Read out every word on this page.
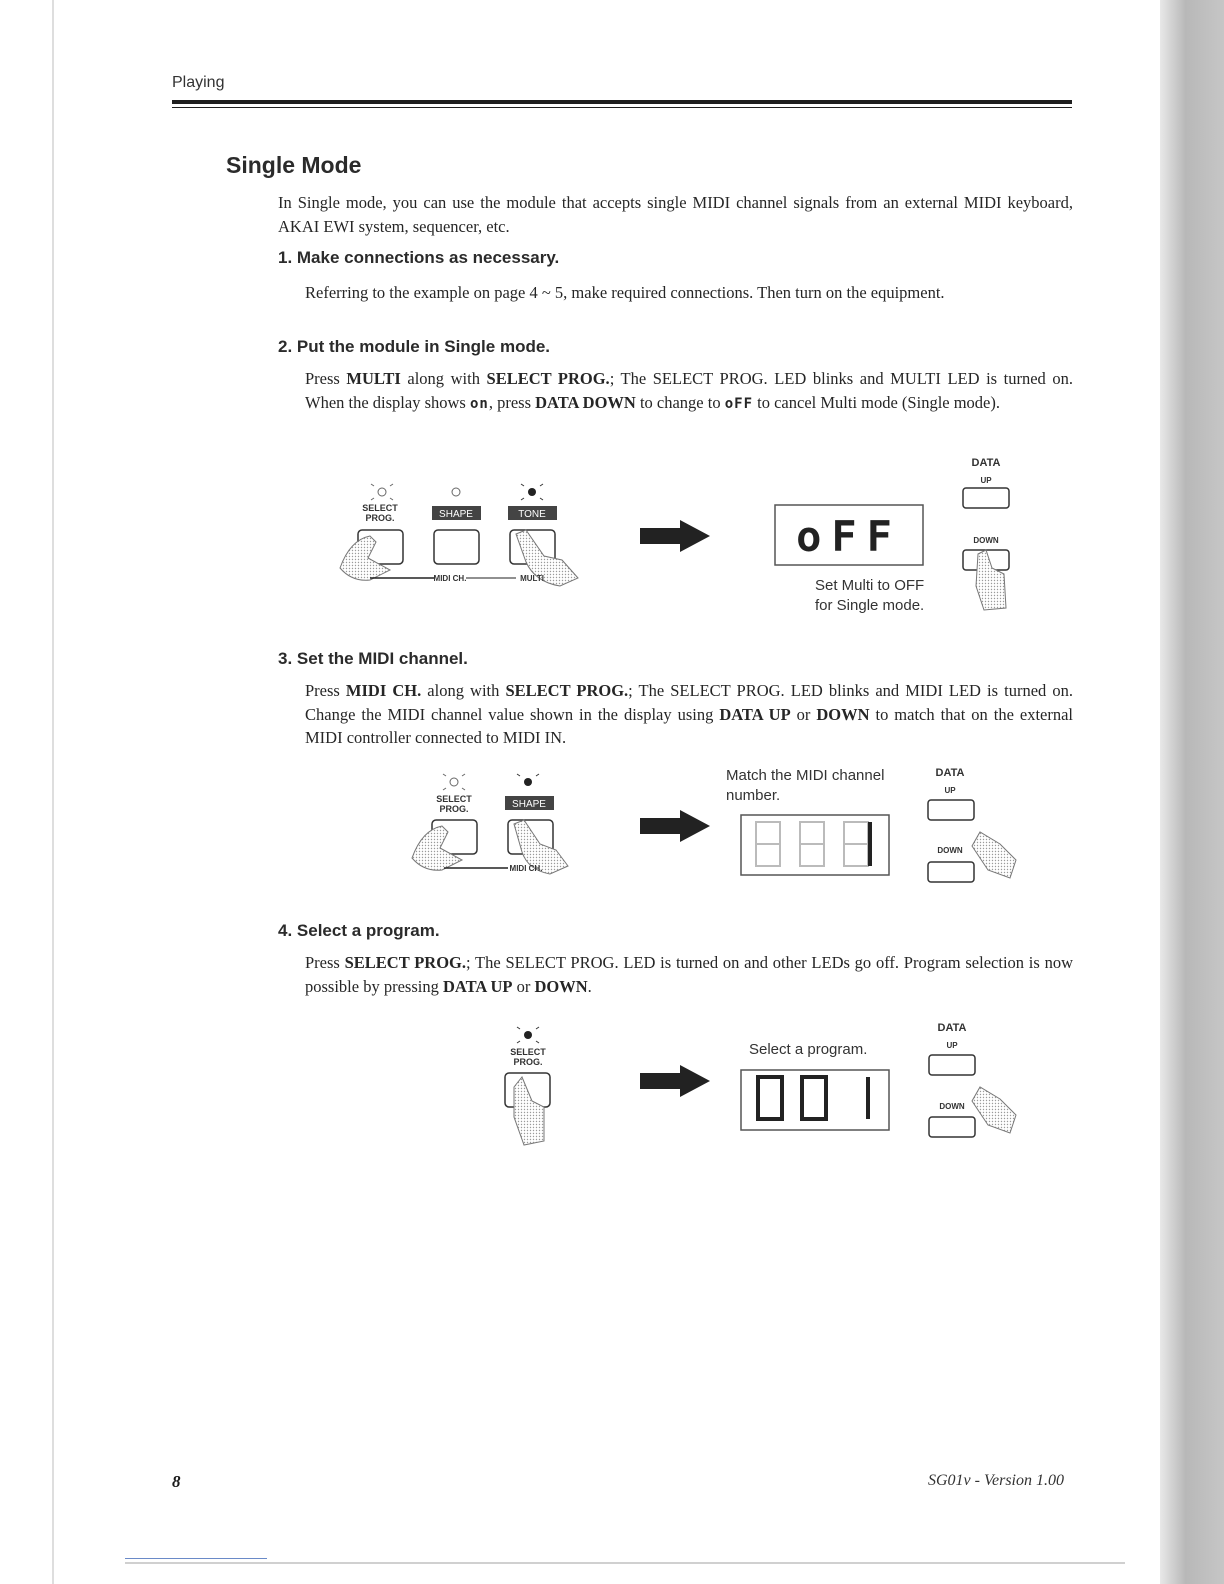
Playing
Single Mode
In Single mode, you can use the module that accepts single MIDI channel signals from an external MIDI keyboard, AKAI EWI system, sequencer, etc.
1. Make connections as necessary.
Referring to the example on page 4 ~ 5, make required connections. Then turn on the equipment.
2. Put the module in Single mode.
Press MULTI along with SELECT PROG.; The SELECT PROG. LED blinks and MULTI LED is turned on. When the display shows on, press DATA DOWN to change to oFF to cancel Multi mode (Single mode).
SELECT
PROG.	SHAPE	TONE
MIDI CH.	MULTI
oFF
DATA
UP
DOWN
Set Multi to OFF
for Single mode.
3. Set the MIDI channel.
Press MIDI CH. along with SELECT PROG.; The SELECT PROG. LED blinks and MIDI LED is turned on. Change the MIDI channel value shown in the display using DATA UP or DOWN to match that on the external MIDI controller connected to MIDI IN.
SELECT
PROG.	SHAPE
MIDI CH.
DATA
UP
DOWN
Match the MIDI channel
number.
4. Select a program.
Press SELECT PROG.; The SELECT PROG. LED is turned on and other LEDs go off. Program selection is now possible by pressing DATA UP or DOWN.
SELECT
PROG.
DATA
UP
DOWN
Select a program.
8	SG01v - Version 1.00
